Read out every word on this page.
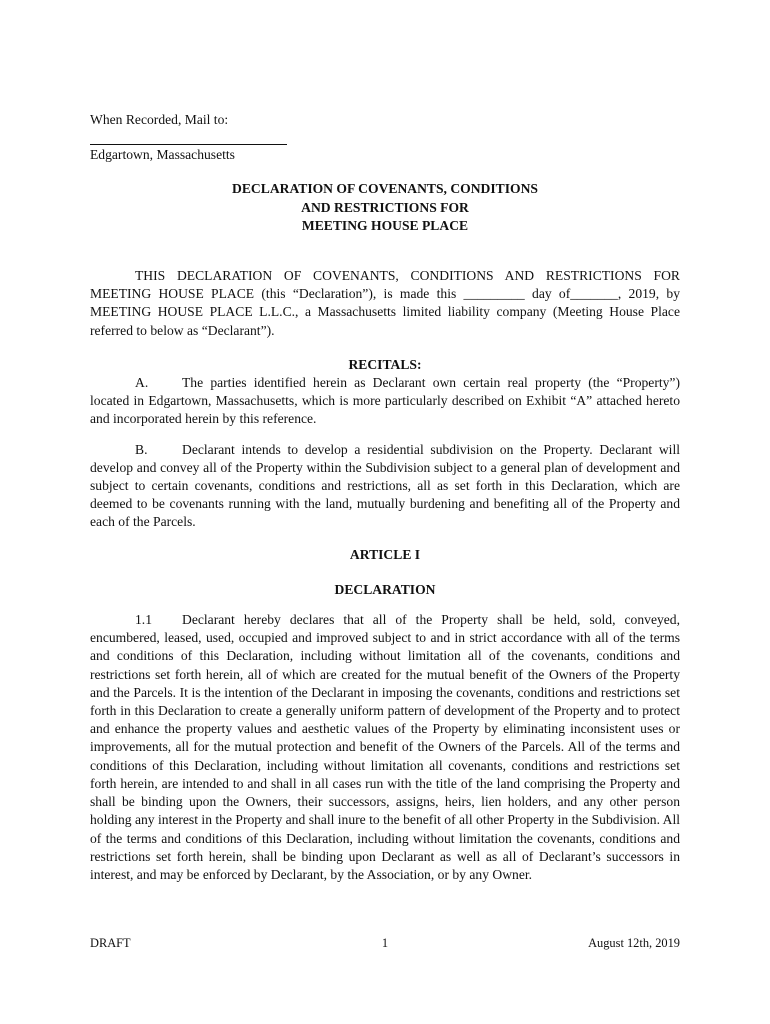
When Recorded, Mail to:

Edgartown, Massachusetts

DECLARATION OF COVENANTS, CONDITIONS
AND RESTRICTIONS FOR
MEETING HOUSE PLACE

THIS DECLARATION OF COVENANTS, CONDITIONS AND RESTRICTIONS FOR MEETING HOUSE PLACE (this “Declaration”), is made this _________ day of_______, 2019, by MEETING HOUSE PLACE L.L.C., a Massachusetts limited liability company (Meeting House Place referred to below as “Declarant”).

RECITALS:

A. The parties identified herein as Declarant own certain real property (the “Property”) located in Edgartown, Massachusetts, which is more particularly described on Exhibit “A” attached hereto and incorporated herein by this reference.

B.	Declarant intends to develop a residential subdivision on the Property. Declarant will develop and convey all of the Property within the Subdivision subject to a general plan of development and subject to certain covenants, conditions and restrictions, all as set forth in this Declaration, which are deemed to be covenants running with the land, mutually burdening and benefiting all of the Property and each of the Parcels.

ARTICLE I
DECLARATION

1.1 Declarant hereby declares that all of the Property shall be held, sold, conveyed, encumbered, leased, used, occupied and improved subject to and in strict accordance with all of the terms and conditions of this Declaration, including without limitation all of the covenants, conditions and restrictions set forth herein, all of which are created for the mutual benefit of the Owners of the Property and the Parcels. It is the intention of the Declarant in imposing the covenants, conditions and restrictions set forth in this Declaration to create a generally uniform pattern of development of the Property and to protect and enhance the property values and aesthetic values of the Property by eliminating inconsistent uses or improvements, all for the mutual protection and benefit of the Owners of the Parcels. All of the terms and conditions of this Declaration, including without limitation all covenants, conditions and restrictions set forth herein, are intended to and shall in all cases run with the title of the land comprising the Property and shall be binding upon the Owners, their successors, assigns, heirs, lien holders, and any other person holding any interest in the Property and shall inure to the benefit of all other Property in the Subdivision. All of the terms and conditions of this Declaration, including without limitation the covenants, conditions and restrictions set forth herein, shall be binding upon Declarant as well as all of Declarant’s successors in interest, and may be enforced by Declarant, by the Association, or by any Owner.

DRAFT	1	August 12th, 2019
